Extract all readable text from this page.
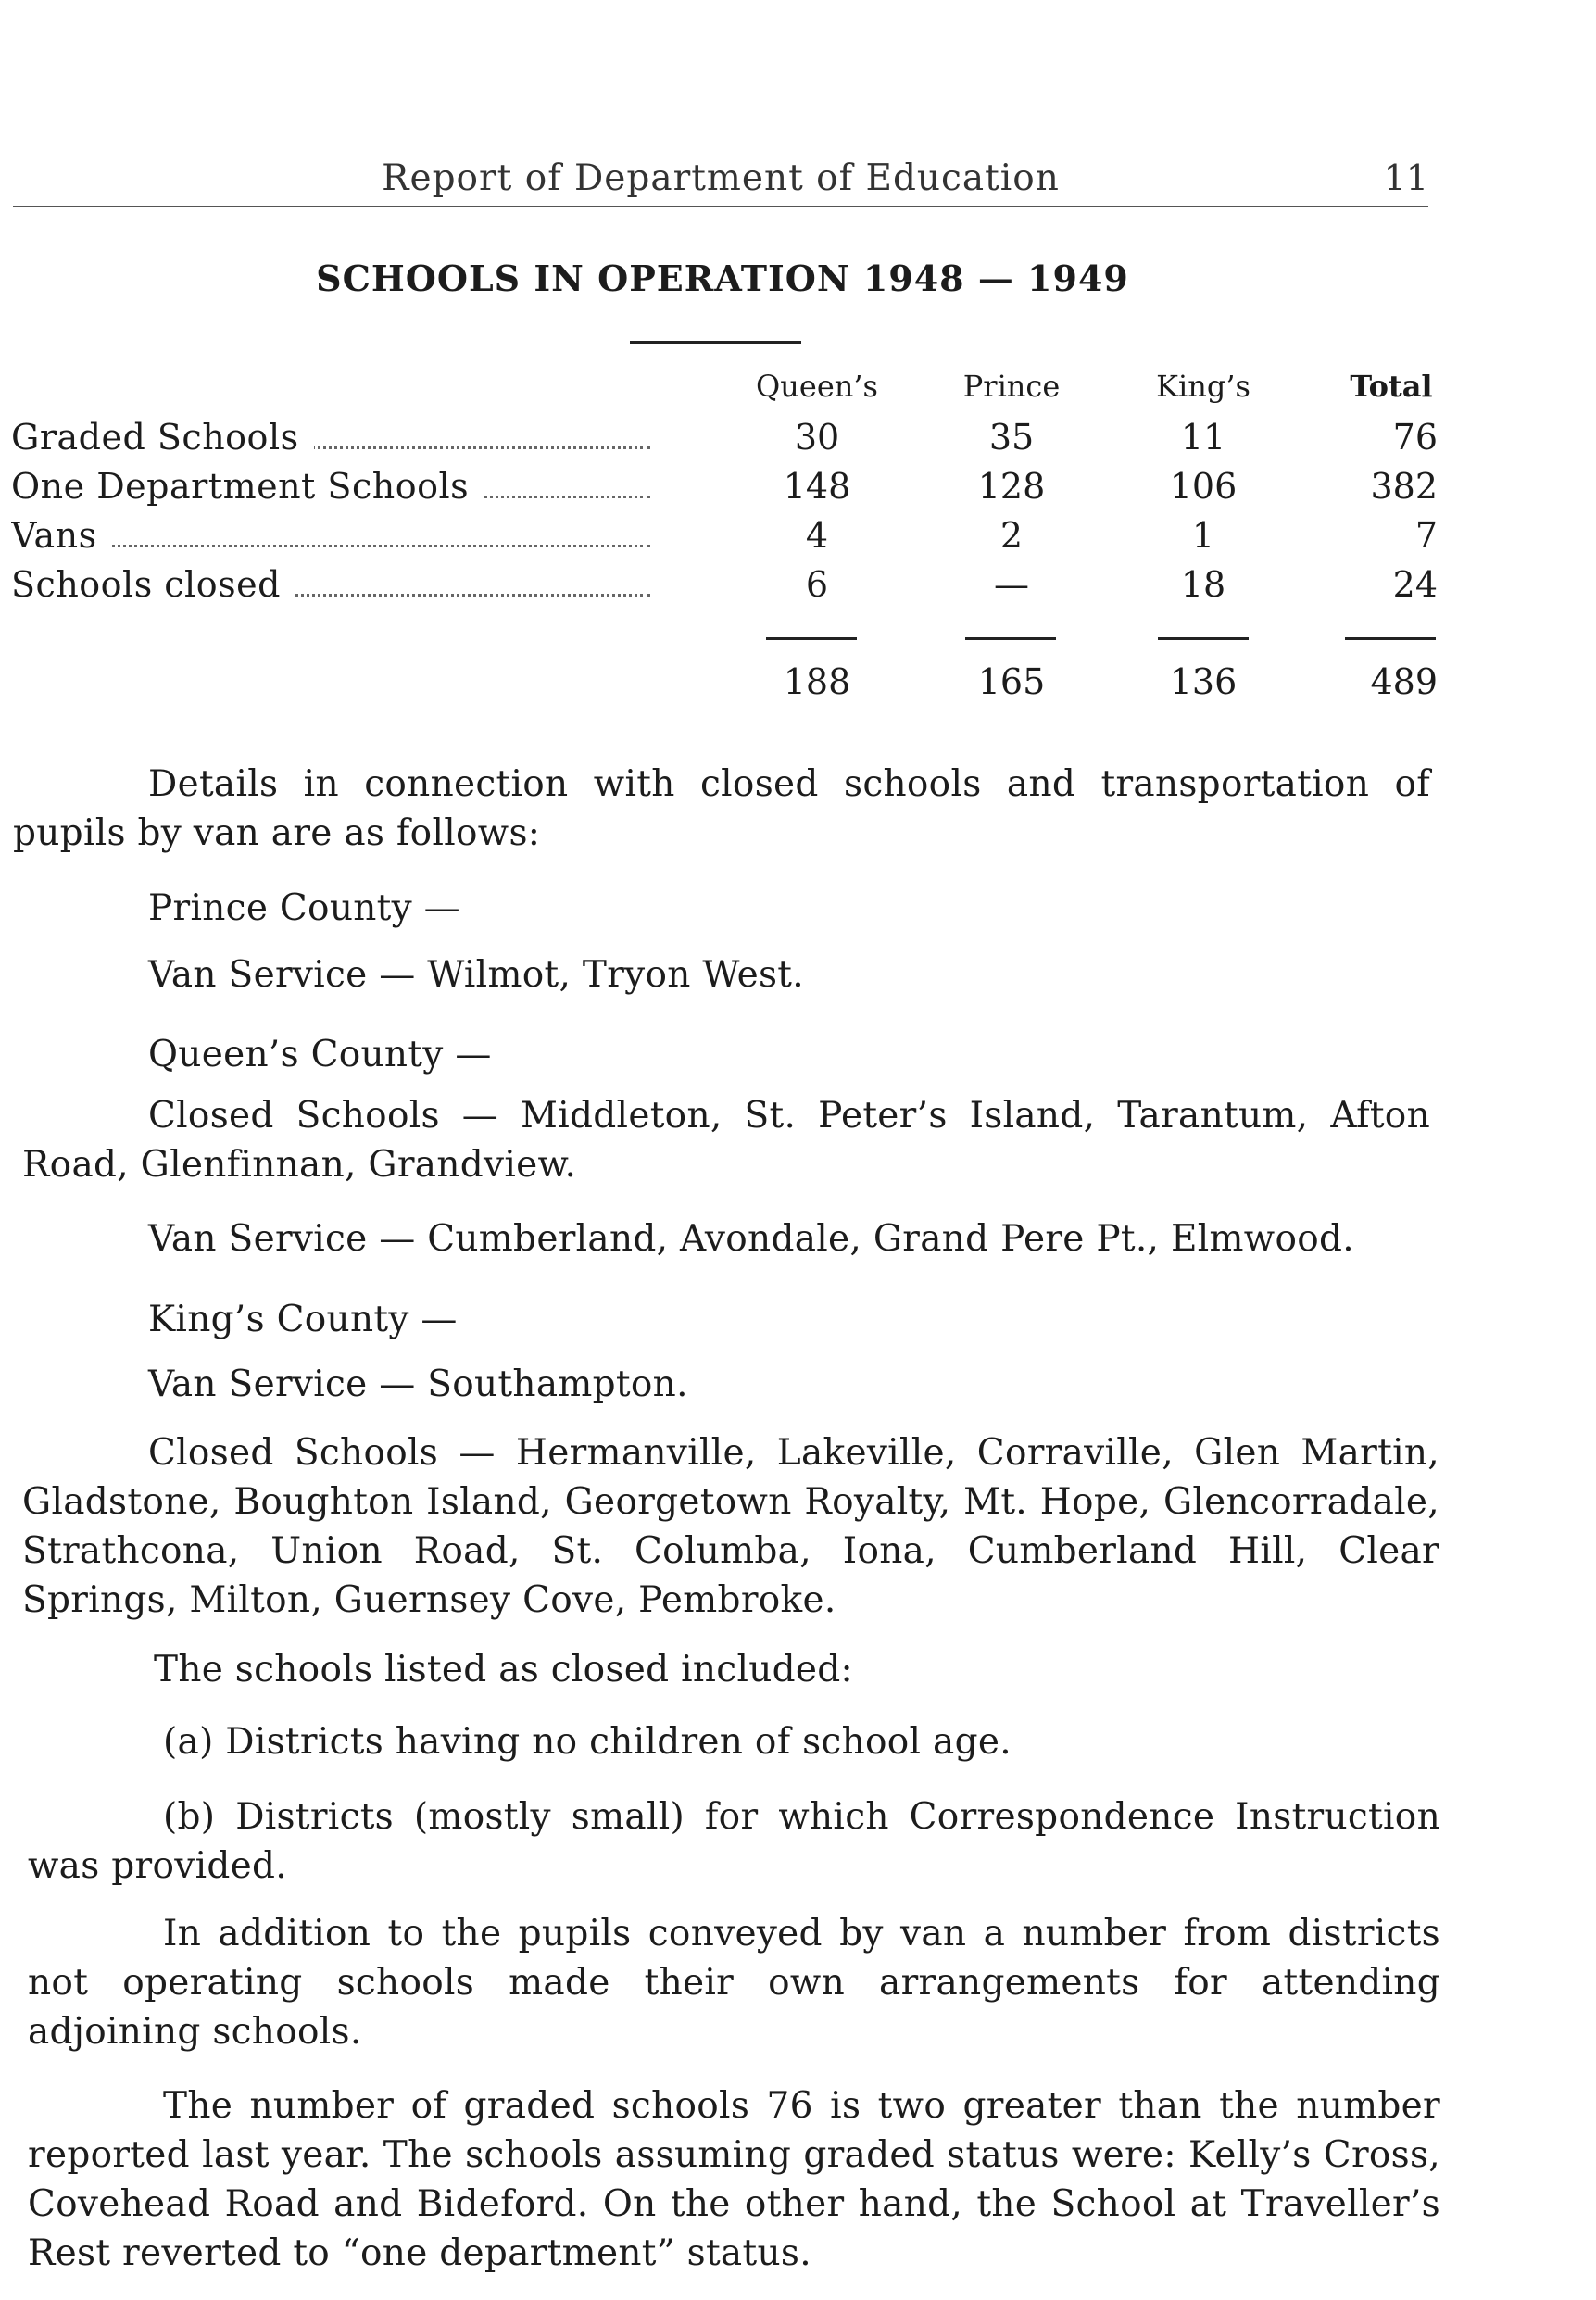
Report of Department of Education	11
SCHOOLS IN OPERATION 1948 — 1949
Queen’s	Prince	King’s	Total
Graded Schools	30	35	11	76
One Department Schools	148	128	106	382
Vans	4	2	1	7
Schools closed	6	—	18	24
188	165	136	489
Details in connection with closed schools and transportation of pupils by van are as follows:
Prince County —
Van Service — Wilmot, Tryon West.
Queen’s County —
Closed Schools — Middleton, St. Peter’s Island, Tarantum, Afton Road, Glenfinnan, Grandview.
Van Service — Cumberland, Avondale, Grand Pere Pt., Elmwood.
King’s County —
Van Service — Southampton.
Closed Schools — Hermanville, Lakeville, Corraville, Glen Martin, Gladstone, Boughton Island, Georgetown Royalty, Mt. Hope, Glencorradale, Strathcona, Union Road, St. Columba, Iona, Cumberland Hill, Clear Springs, Milton, Guernsey Cove, Pembroke.
The schools listed as closed included:
(a) Districts having no children of school age.
(b) Districts (mostly small) for which Correspondence Instruction was provided.
In addition to the pupils conveyed by van a number from districts not operating schools made their own arrangements for attending adjoining schools.
The number of graded schools 76 is two greater than the number reported last year. The schools assuming graded status were: Kelly’s Cross, Covehead Road and Bideford. On the other hand, the School at Traveller’s Rest reverted to “one department” status.
